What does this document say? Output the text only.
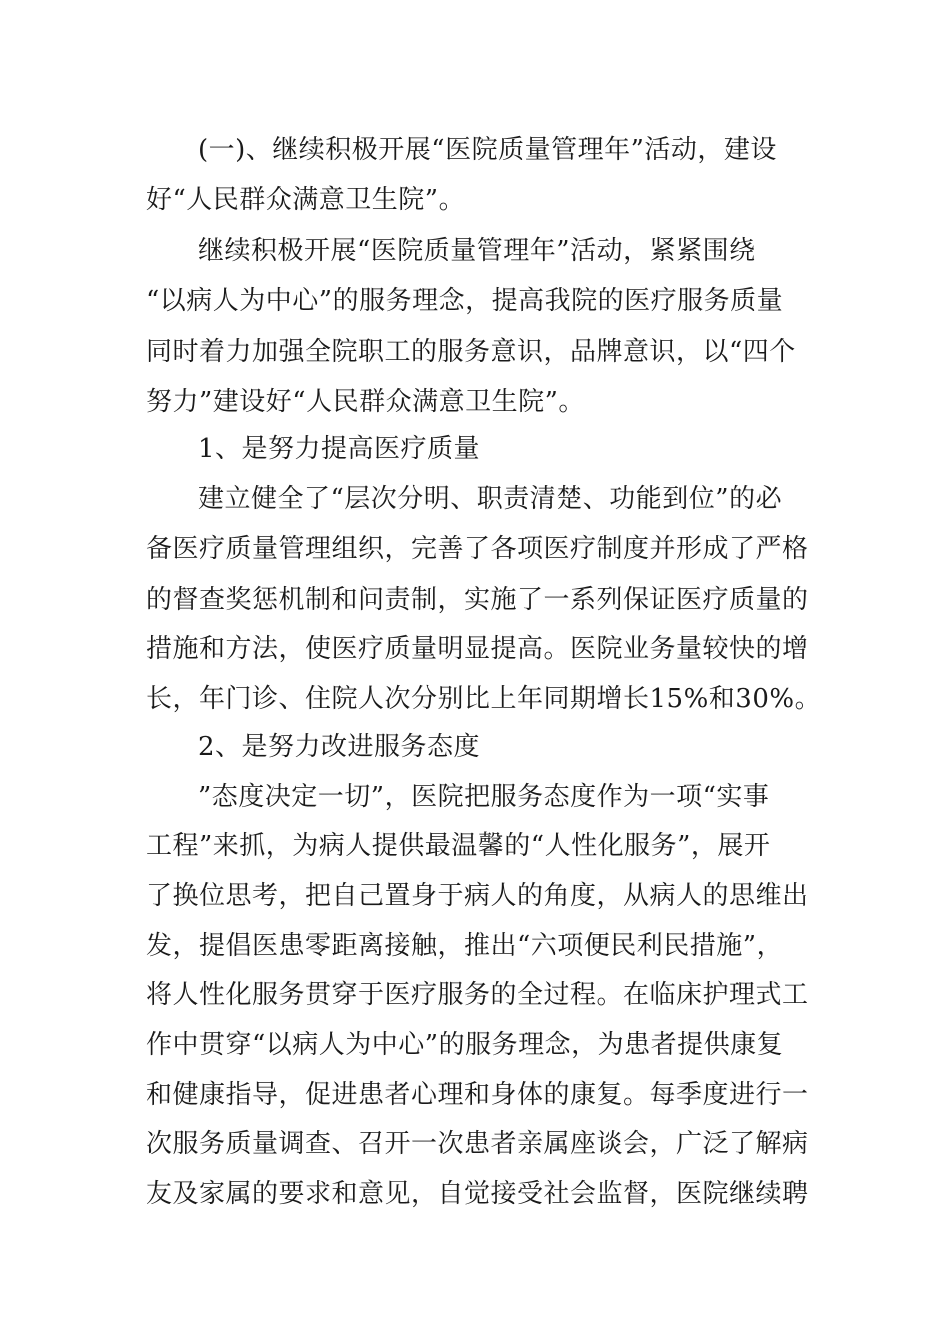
(一)、继续积极开展“医院质量管理年”活动，建设
好“人民群众满意卫生院”。
继续积极开展“医院质量管理年”活动，紧紧围绕
“以病人为中心”的服务理念，提高我院的医疗服务质量
同时着力加强全院职工的服务意识，品牌意识，以“四个
努力”建设好“人民群众满意卫生院”。
1、是努力提高医疗质量
建立健全了“层次分明、职责清楚、功能到位”的必
备医疗质量管理组织，完善了各项医疗制度并形成了严格
的督查奖惩机制和问责制，实施了一系列保证医疗质量的
措施和方法，使医疗质量明显提高。医院业务量较快的增
长，年门诊、住院人次分别比上年同期增长15%和30%。
2、是努力改进服务态度
”态度决定一切”，医院把服务态度作为一项“实事
工程”来抓，为病人提供最温馨的“人性化服务”，展开
了换位思考，把自己置身于病人的角度，从病人的思维出
发，提倡医患零距离接触，推出“六项便民利民措施”，
将人性化服务贯穿于医疗服务的全过程。在临床护理式工
作中贯穿“以病人为中心”的服务理念，为患者提供康复
和健康指导，促进患者心理和身体的康复。每季度进行一
次服务质量调查、召开一次患者亲属座谈会，广泛了解病
友及家属的要求和意见，自觉接受社会监督，医院继续聘
